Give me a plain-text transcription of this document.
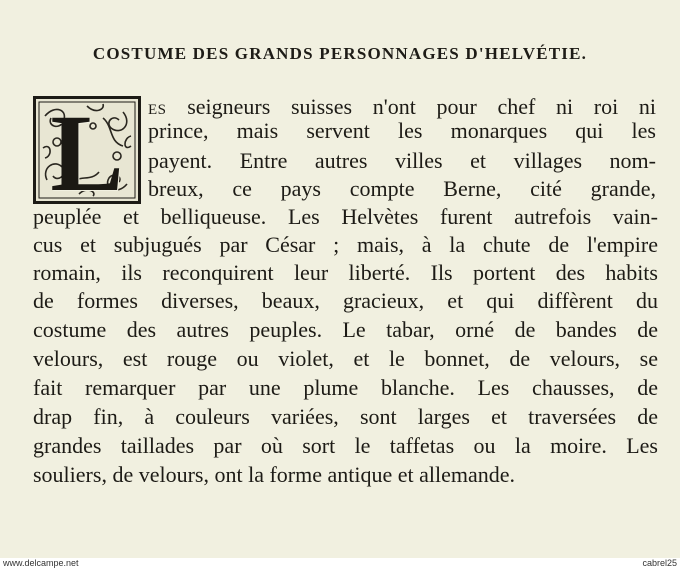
COSTUME DES GRANDS PERSONNAGES D'HELVÉTIE.
L es seigneurs suisses n'ont pour chef ni roi ni
prince, mais servent les monarques qui les
payent. Entre autres villes et villages nom-
breux, ce pays compte Berne, cité grande,
peuplée et belliqueuse. Les Helvètes furent autrefois vain-
cus et subjugués par César ; mais, à la chute de l'empire
romain, ils reconquirent leur liberté. Ils portent des habits
de formes diverses, beaux, gracieux, et qui diffèrent du
costume des autres peuples. Le tabar, orné de bandes de
velours, est rouge ou violet, et le bonnet, de velours, se
fait remarquer par une plume blanche. Les chausses, de
drap fin, à couleurs variées, sont larges et traversées de
grandes taillades par où sort le taffetas ou la moire. Les
souliers, de velours, ont la forme antique et allemande.
www.delcampe.net	cabrel25
